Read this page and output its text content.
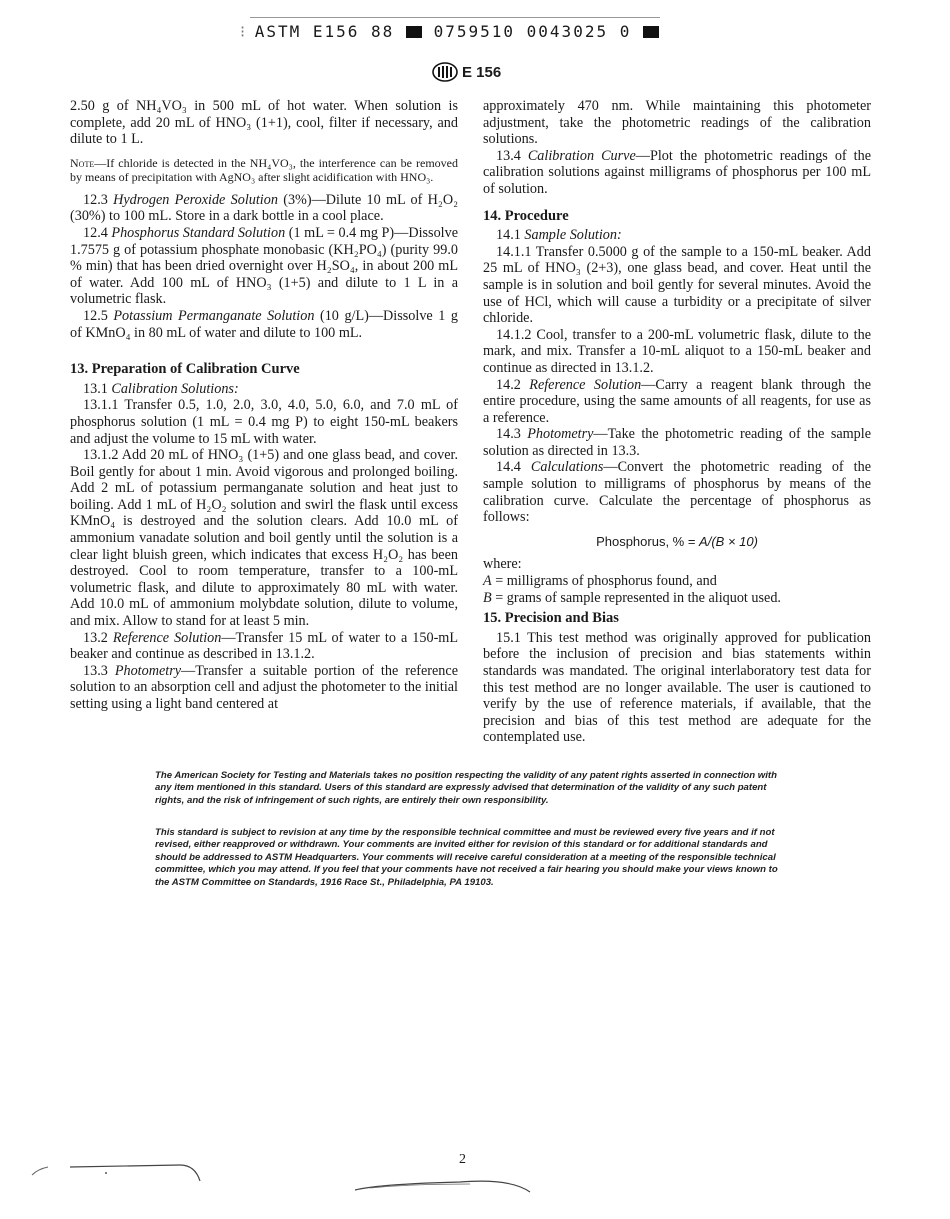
⁝ ASTM E156 88 0759510 0043025 0
E 156

2.50 g of NH₄VO₃ in 500 mL of hot water. When solution is complete, add 20 mL of HNO₃ (1+1), cool, filter if necessary, and dilute to 1 L.

Note—If chloride is detected in the NH₄VO₃, the interference can be removed by means of precipitation with AgNO₃ after slight acidification with HNO₃.

12.3 Hydrogen Peroxide Solution (3%)—Dilute 10 mL of H₂O₂ (30%) to 100 mL. Store in a dark bottle in a cool place.

12.4 Phosphorus Standard Solution (1 mL = 0.4 mg P)—Dissolve 1.7575 g of potassium phosphate monobasic (KH₂PO₄) (purity 99.0 % min) that has been dried overnight over H₂SO₄, in about 200 mL of water. Add 100 mL of HNO₃ (1+5) and dilute to 1 L in a volumetric flask.

12.5 Potassium Permanganate Solution (10 g/L)—Dissolve 1 g of KMnO₄ in 80 mL of water and dilute to 100 mL.

13. Preparation of Calibration Curve

13.1 Calibration Solutions:

13.1.1 Transfer 0.5, 1.0, 2.0, 3.0, 4.0, 5.0, 6.0, and 7.0 mL of phosphorus solution (1 mL = 0.4 mg P) to eight 150-mL beakers and adjust the volume to 15 mL with water.

13.1.2 Add 20 mL of HNO₃ (1+5) and one glass bead, and cover. Boil gently for about 1 min. Avoid vigorous and prolonged boiling. Add 2 mL of potassium permanganate solution and heat just to boiling. Add 1 mL of H₂O₂ solution and swirl the flask until excess KMnO₄ is destroyed and the solution clears. Add 10.0 mL of ammonium vanadate solution and boil gently until the solution is a clear light bluish green, which indicates that excess H₂O₂ has been destroyed. Cool to room temperature, transfer to a 100-mL volumetric flask, and dilute to approximately 80 mL with water. Add 10.0 mL of ammonium molybdate solution, dilute to volume, and mix. Allow to stand for at least 5 min.

13.2 Reference Solution—Transfer 15 mL of water to a 150-mL beaker and continue as described in 13.1.2.

13.3 Photometry—Transfer a suitable portion of the reference solution to an absorption cell and adjust the photometer to the initial setting using a light band centered at

approximately 470 nm. While maintaining this photometer adjustment, take the photometric readings of the calibration solutions.

13.4 Calibration Curve—Plot the photometric readings of the calibration solutions against milligrams of phosphorus per 100 mL of solution.

14. Procedure

14.1 Sample Solution:

14.1.1 Transfer 0.5000 g of the sample to a 150-mL beaker. Add 25 mL of HNO₃ (2+3), one glass bead, and cover. Heat until the sample is in solution and boil gently for several minutes. Avoid the use of HCl, which will cause a turbidity or a precipitate of silver chloride.

14.1.2 Cool, transfer to a 200-mL volumetric flask, dilute to the mark, and mix. Transfer a 10-mL aliquot to a 150-mL beaker and continue as directed in 13.1.2.

14.2 Reference Solution—Carry a reagent blank through the entire procedure, using the same amounts of all reagents, for use as a reference.

14.3 Photometry—Take the photometric reading of the sample solution as directed in 13.3.

14.4 Calculations—Convert the photometric reading of the sample solution to milligrams of phosphorus by means of the calibration curve. Calculate the percentage of phosphorus as follows:

Phosphorus, % = A/(B × 10)

where:

A = milligrams of phosphorus found, and

B = grams of sample represented in the aliquot used.

15. Precision and Bias

15.1 This test method was originally approved for publication before the inclusion of precision and bias statements within standards was mandated. The original interlaboratory test data for this test method are no longer available. The user is cautioned to verify by the use of reference materials, if available, that the precision and bias of this test method are adequate for the contemplated use.

The American Society for Testing and Materials takes no position respecting the validity of any patent rights asserted in connection with any item mentioned in this standard. Users of this standard are expressly advised that determination of the validity of any such patent rights, and the risk of infringement of such rights, are entirely their own responsibility.
This standard is subject to revision at any time by the responsible technical committee and must be reviewed every five years and if not revised, either reapproved or withdrawn. Your comments are invited either for revision of this standard or for additional standards and should be addressed to ASTM Headquarters. Your comments will receive careful consideration at a meeting of the responsible technical committee, which you may attend. If you feel that your comments have not received a fair hearing you should make your views known to the ASTM Committee on Standards, 1916 Race St., Philadelphia, PA 19103.
2
